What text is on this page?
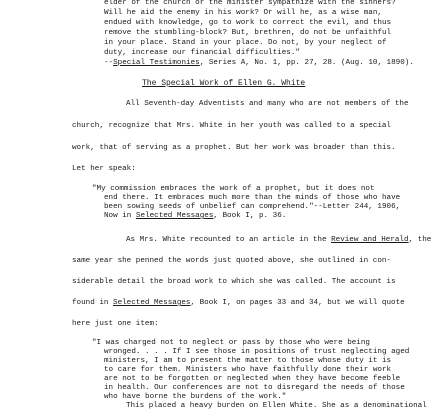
elder of the church or the minister sympathize with the sinners?
Will he aid the enemy in his work? Or will he, as a wise man,
endued with knowledge, go to work to correct the evil, and thus
remove the stumbling-block? But, brethren, do not be unfaithful
in your place. Stand in your place. Do not, by your neglect of
duty, increase our financial difficulties."
--Special Testimonies, Series A, No. 1, pp. 27, 28. (Aug. 10, 1890).
The Special Work of Ellen G. White
All Seventh-day Adventists and many who are not members of the
church, recognize that Mrs. White in her youth was called to a special
work, that of serving as a prophet. But her work was broader than this.
Let her speak:
"My commission embraces the work of a prophet, but it does not
end there. It embraces much more than the minds of those who have
been sowing seeds of unbelief can comprehend."--Letter 244, 1906,
Now in Selected Messages, Book I, p. 36.
As Mrs. White recounted to an article in the Review and Herald, the
same year she penned the words just quoted above, she outlined in con-
siderable detail the broad work to which she was called. The account is
found in Selected Messages, Book I, on pages 33 and 34, but we will quote
here just one item:
"I was charged not to neglect or pass by those who were being
wronged. . . . If I see those in positions of trust neglecting aged
ministers, I am to present the matter to those whose duty it is
to care for them. Ministers who have faithfully done their work
are not to be forgotten or neglected when they have become feeble
in health. Our conferences are not to disregard the needs of those
who have borne the burdens of the work."
This placed a heavy burden on Ellen White. She as a denominational
